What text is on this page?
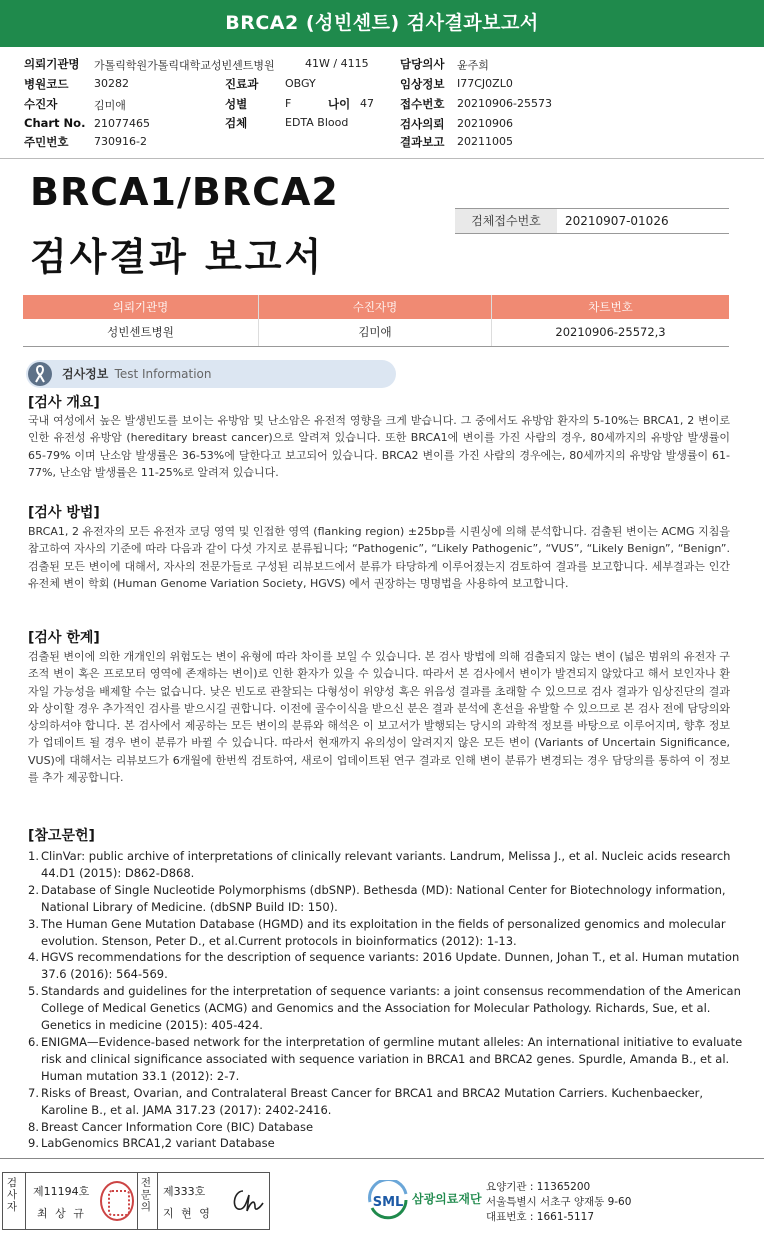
BRCA2 (성빈센트) 검사결과보고서
의뢰기관명 가톨릭학원가톨릭대학교성빈센트병원	41W / 4115	담당의사 윤주희
병원코드 30282	진료과 OBGY	임상정보 I77CJ0ZL0
수진자	김미애	성별	F	나이 47 접수번호 20210906-25573
Chart No. 21077465	검체	EDTA Blood	검사의뢰 20210906
주민번호 730916-2	결과보고 20211005
BRCA1/BRCA2
검사결과 보고서
검체접수번호	20210907-01026
의뢰기관명	수진자명	차트번호
성빈센트병원	김미애	20210906-25572,3
검사정보 Test Information
[검사 개요]
국내 여성에서 높은 발생빈도를 보이는 유방암 및 난소암은 유전적 영향을 크게 받습니다. 그 중에서도 유방암 환자의 5-10%는 BRCA1, 2 변이로 인한 유전성 유방암 (hereditary breast cancer)으로 알려져 있습니다. 또한 BRCA1에 변이를 가진 사람의 경우, 80세까지의 유방암 발생률이 65-79% 이며 난소암 발생률은 36-53%에 달한다고 보고되어 있습니다. BRCA2 변이를 가진 사람의 경우에는, 80세까지의 유방암 발생률이 61-77%, 난소암 발생률은 11-25%로 알려져 있습니다.
[검사 방법]
BRCA1, 2 유전자의 모든 유전자 코딩 영역 및 인접한 영역 (flanking region) ±25bp를 시퀀싱에 의해 분석합니다. 검출된 변이는 ACMG 지침을 참고하여 자사의 기준에 따라 다음과 같이 다섯 가지로 분류됩니다; “Pathogenic”, “Likely Pathogenic”, “VUS”, “Likely Benign”, “Benign”. 검출된 모든 변이에 대해서, 자사의 전문가들로 구성된 리뷰보드에서 분류가 타당하게 이루어졌는지 검토하여 결과를 보고합니다. 세부결과는 인간 유전체 변이 학회 (Human Genome Variation Society, HGVS) 에서 권장하는 명명법을 사용하여 보고합니다.
[검사 한계]
검출된 변이에 의한 개개인의 위험도는 변이 유형에 따라 차이를 보일 수 있습니다. 본 검사 방법에 의해 검출되지 않는 변이 (넓은 범위의 유전자 구조적 변이 혹은 프로모터 영역에 존재하는 변이)로 인한 환자가 있을 수 있습니다. 따라서 본 검사에서 변이가 발견되지 않았다고 해서 보인자나 환자일 가능성을 배제할 수는 없습니다. 낮은 빈도로 관찰되는 다형성이 위양성 혹은 위음성 결과를 초래할 수 있으므로 검사 결과가 임상진단의 결과와 상이할 경우 추가적인 검사를 받으시길 권합니다. 이전에 골수이식을 받으신 분은 결과 분석에 혼선을 유발할 수 있으므로 본 검사 전에 담당의와 상의하셔야 합니다. 본 검사에서 제공하는 모든 변이의 분류와 해석은 이 보고서가 발행되는 당시의 과학적 정보를 바탕으로 이루어지며, 향후 정보가 업데이트 될 경우 변이 분류가 바뀔 수 있습니다. 따라서 현재까지 유의성이 알려지지 않은 모든 변이 (Variants of Uncertain Significance, VUS)에 대해서는 리뷰보드가 6개월에 한번씩 검토하여, 새로이 업데이트된 연구 결과로 인해 변이 분류가 변경되는 경우 담당의를 통하여 이 정보를 추가 제공합니다.
[참고문헌]
1. ClinVar: public archive of interpretations of clinically relevant variants. Landrum, Melissa J., et al. Nucleic acids research 44.D1 (2015): D862-D868.
2. Database of Single Nucleotide Polymorphisms (dbSNP). Bethesda (MD): National Center for Biotechnology information, National Library of Medicine. (dbSNP Build ID: 150).
3. The Human Gene Mutation Database (HGMD) and its exploitation in the fields of personalized genomics and molecular evolution. Stenson, Peter D., et al.Current protocols in bioinformatics (2012): 1-13.
4. HGVS recommendations for the description of sequence variants: 2016 Update. Dunnen, Johan T., et al. Human mutation 37.6 (2016): 564-569.
5. Standards and guidelines for the interpretation of sequence variants: a joint consensus recommendation of the American College of Medical Genetics (ACMG) and Genomics and the Association for Molecular Pathology. Richards, Sue, et al. Genetics in medicine (2015): 405-424.
6. ENIGMA—Evidence‐based network for the interpretation of germline mutant alleles: An international initiative to evaluate risk and clinical significance associated with sequence variation in BRCA1 and BRCA2 genes. Spurdle, Amanda B., et al. Human mutation 33.1 (2012): 2-7.
7. Risks of Breast, Ovarian, and Contralateral Breast Cancer for BRCA1 and BRCA2 Mutation Carriers. Kuchenbaecker, Karoline B., et al. JAMA 317.23 (2017): 2402-2416.
8. Breast Cancer Information Core (BIC) Database
9. LabGenomics BRCA1,2 variant Database
검사자
제11194호
최 상 규
전문의
제333호
지 현 영
SML 삼광의료재단
요양기관 : 11365200
서울특별시 서초구 양재동 9-60
대표번호 : 1661-5117
